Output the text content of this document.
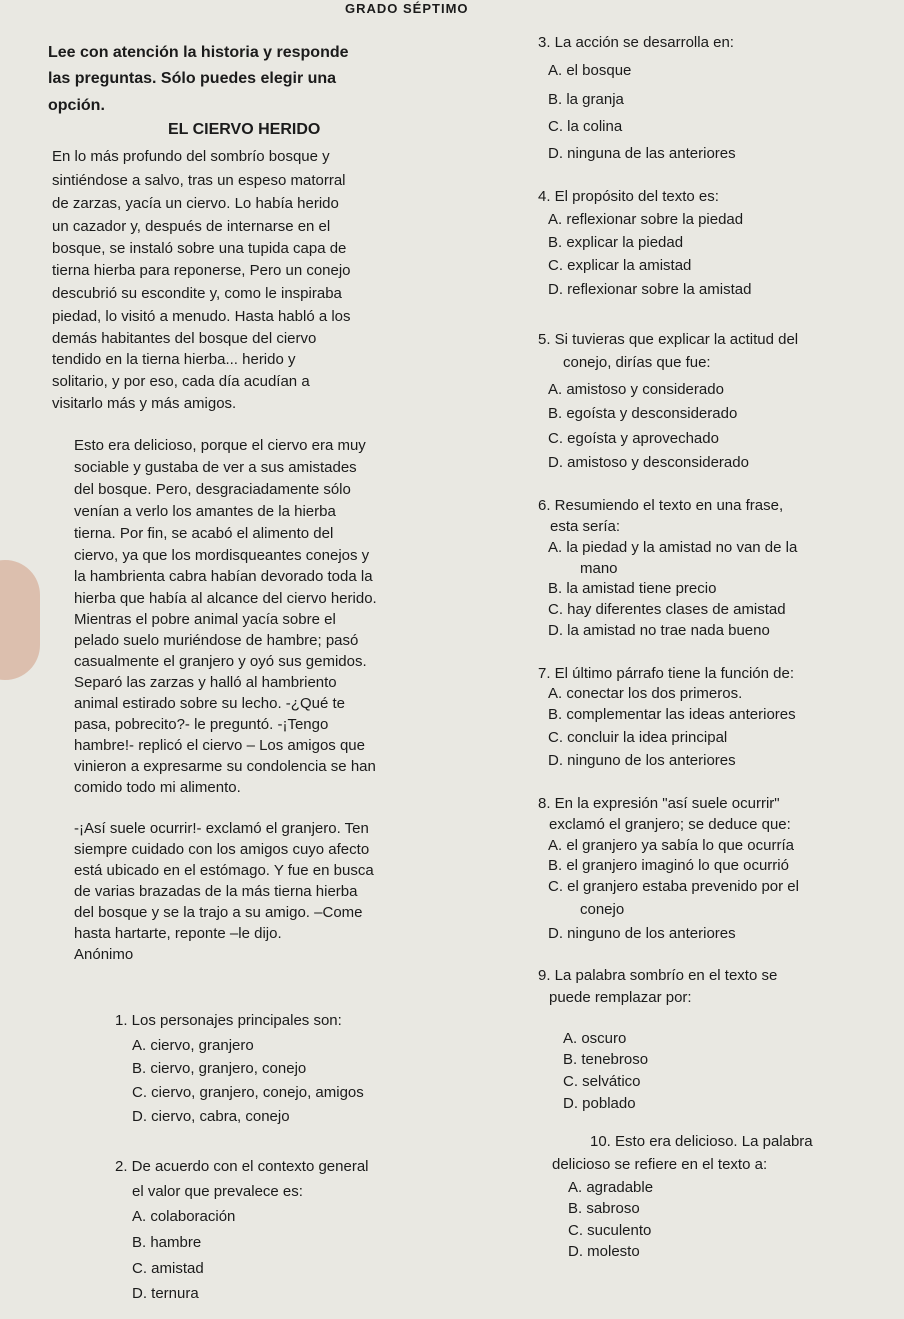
GRADO SÉPTIMO
Lee con atención la historia y responde
las preguntas. Sólo puedes elegir una
opción.
EL CIERVO HERIDO
En lo más profundo del sombrío bosque y
sintiéndose a salvo, tras un espeso matorral
de zarzas, yacía un ciervo. Lo había herido
un cazador y, después de internarse en el
bosque, se instaló sobre una tupida capa de
tierna hierba para reponerse, Pero un conejo
descubrió su escondite y, como le inspiraba
piedad, lo visitó a menudo. Hasta habló a los
demás habitantes del bosque del ciervo
tendido en la tierna hierba... herido y
solitario, y por eso, cada día acudían a
visitarlo más y más amigos.
Esto era delicioso, porque el ciervo era muy
sociable y gustaba de ver a sus amistades
del bosque. Pero, desgraciadamente sólo
venían a verlo los amantes de la hierba
tierna. Por fin, se acabó el alimento del
ciervo, ya que los mordisqueantes conejos y
la hambrienta cabra habían devorado toda la
hierba que había al alcance del ciervo herido.
Mientras el pobre animal yacía sobre el
pelado suelo muriéndose de hambre; pasó
casualmente el granjero y oyó sus gemidos.
Separó las zarzas y halló al hambriento
animal estirado sobre su lecho. -¿Qué te
pasa, pobrecito?- le preguntó. -¡Tengo
hambre!- replicó el ciervo – Los amigos que
vinieron a expresarme su condolencia se han
comido todo mi alimento.
-¡Así suele ocurrir!- exclamó el granjero. Ten
siempre cuidado con los amigos cuyo afecto
está ubicado en el estómago. Y fue en busca
de varias brazadas de la más tierna hierba
del bosque y se la trajo a su amigo. –Come
hasta hartarte, reponte –le dijo.
Anónimo
1. Los personajes principales son:
A. ciervo, granjero
B. ciervo, granjero, conejo
C. ciervo, granjero, conejo, amigos
D. ciervo, cabra, conejo
2. De acuerdo con el contexto general
el valor que prevalece es:
A. colaboración
B. hambre
C. amistad
D. ternura
3. La acción se desarrolla en:
A. el bosque
B. la granja
C. la colina
D. ninguna de las anteriores
4. El propósito del texto es:
A. reflexionar sobre la piedad
B. explicar la piedad
C. explicar la amistad
D. reflexionar sobre la amistad
5. Si tuvieras que explicar la actitud del
conejo, dirías que fue:
A. amistoso y considerado
B. egoísta y desconsiderado
C. egoísta y aprovechado
D. amistoso y desconsiderado
6. Resumiendo el texto en una frase,
esta sería:
A. la piedad y la amistad no van de la
mano
B. la amistad tiene precio
C. hay diferentes clases de amistad
D. la amistad no trae nada bueno
7. El último párrafo tiene la función de:
A. conectar los dos primeros.
B. complementar las ideas anteriores
C. concluir la idea principal
D. ninguno de los anteriores
8. En la expresión "así suele ocurrir"
exclamó el granjero; se deduce que:
A. el granjero ya sabía lo que ocurría
B. el granjero imaginó lo que ocurrió
C. el granjero estaba prevenido por el
conejo
D. ninguno de los anteriores
9. La palabra sombrío en el texto se
puede remplazar por:
A. oscuro
B. tenebroso
C. selvático
D. poblado
10. Esto era delicioso. La palabra
delicioso se refiere en el texto a:
A. agradable
B. sabroso
C. suculento
D. molesto
